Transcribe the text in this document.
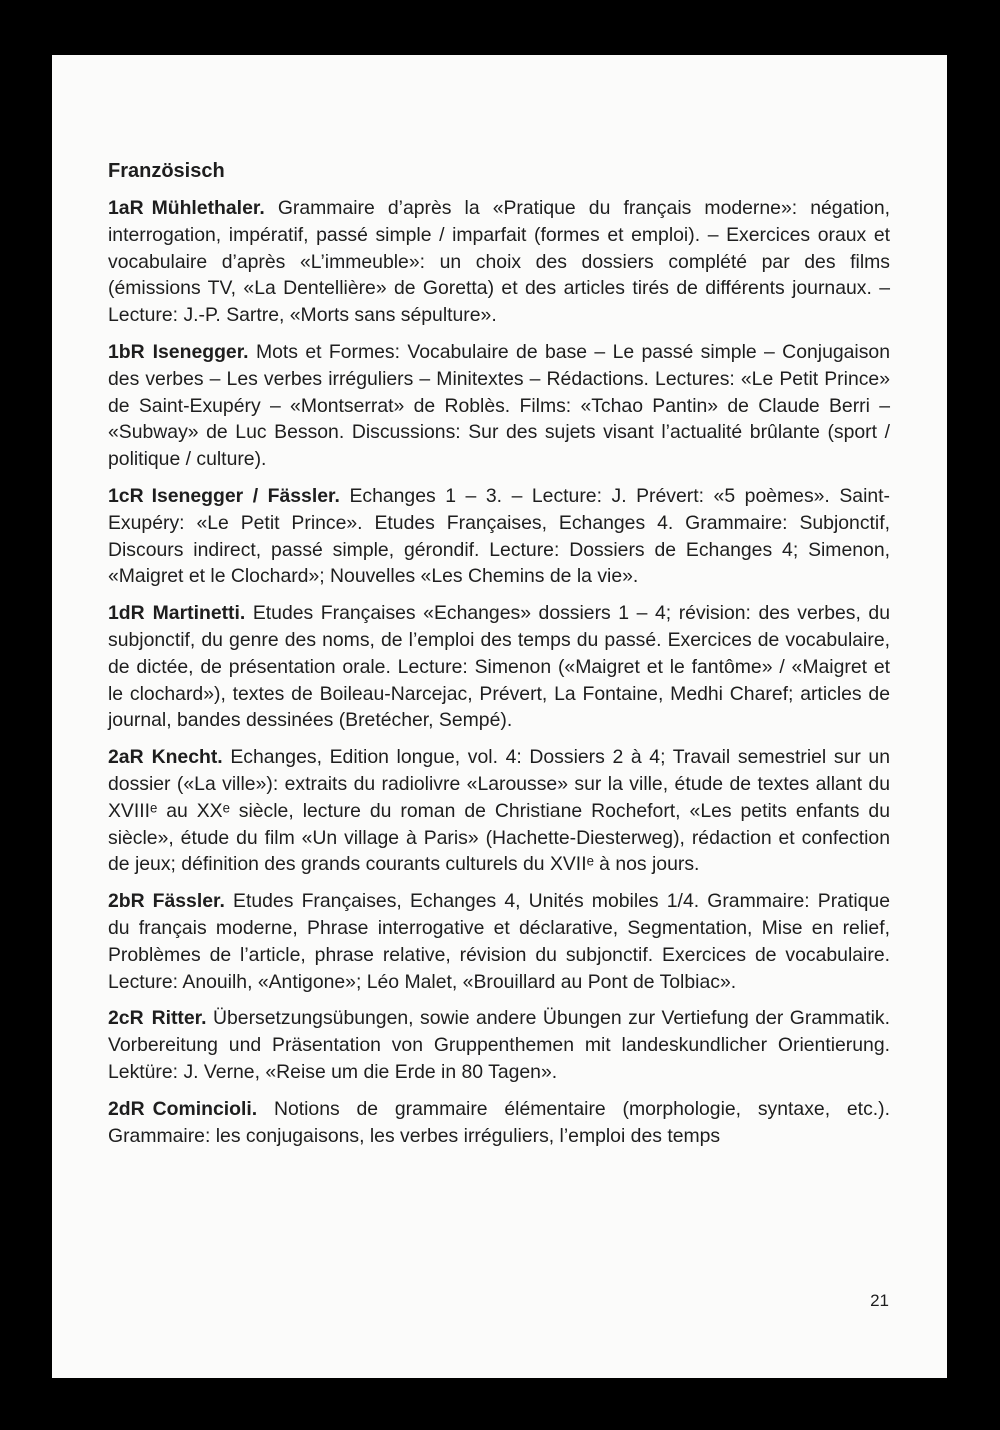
Französisch

1aR Mühlethaler. Grammaire d’après la «Pratique du français moderne»: négation, interrogation, impératif, passé simple / imparfait (formes et emploi). – Exercices oraux et vocabulaire d’après «L’immeuble»: un choix des dossiers complété par des films (émissions TV, «La Dentellière» de Goretta) et des articles tirés de différents journaux. – Lecture: J.-P. Sartre, «Morts sans sépulture».

1bR Isenegger. Mots et Formes: Vocabulaire de base – Le passé simple – Conjugaison des verbes – Les verbes irréguliers – Minitextes – Rédactions. Lectures: «Le Petit Prince» de Saint-Exupéry – «Montserrat» de Roblès. Films: «Tchao Pantin» de Claude Berri – «Subway» de Luc Besson. Discussions: Sur des sujets visant l’actualité brûlante (sport / politique / culture).

1cR Isenegger / Fässler. Echanges 1 – 3. – Lecture: J. Prévert: «5 poèmes». Saint-Exupéry: «Le Petit Prince». Etudes Françaises, Echanges 4. Grammaire: Subjonctif, Discours indirect, passé simple, gérondif. Lecture: Dossiers de Echanges 4; Simenon, «Maigret et le Clochard»; Nouvelles «Les Chemins de la vie».

1dR Martinetti. Etudes Françaises «Echanges» dossiers 1 – 4; révision: des verbes, du subjonctif, du genre des noms, de l’emploi des temps du passé. Exercices de vocabulaire, de dictée, de présentation orale. Lecture: Simenon («Maigret et le fantôme» / «Maigret et le clochard»), textes de Boileau-Narcejac, Prévert, La Fontaine, Medhi Charef; articles de journal, bandes dessinées (Bretécher, Sempé).

2aR Knecht. Echanges, Edition longue, vol. 4: Dossiers 2 à 4; Travail semestriel sur un dossier («La ville»): extraits du radiolivre «Larousse» sur la ville, étude de textes allant du XVIIIᵉ au XXᵉ siècle, lecture du roman de Christiane Rochefort, «Les petits enfants du siècle», étude du film «Un village à Paris» (Hachette-Diesterweg), rédaction et confection de jeux; définition des grands courants culturels du XVIIᵉ à nos jours.

2bR Fässler. Etudes Françaises, Echanges 4, Unités mobiles 1/4. Grammaire: Pratique du français moderne, Phrase interrogative et déclarative, Segmentation, Mise en relief, Problèmes de l’article, phrase relative, révision du subjonctif. Exercices de vocabulaire. Lecture: Anouilh, «Antigone»; Léo Malet, «Brouillard au Pont de Tolbiac».

2cR Ritter. Übersetzungsübungen, sowie andere Übungen zur Vertiefung der Grammatik. Vorbereitung und Präsentation von Gruppenthemen mit landeskundlicher Orientierung. Lektüre: J. Verne, «Reise um die Erde in 80 Tagen».

2dR Comincioli. Notions de grammaire élémentaire (morphologie, syntaxe, etc.). Grammaire: les conjugaisons, les verbes irréguliers, l’emploi des temps

21
